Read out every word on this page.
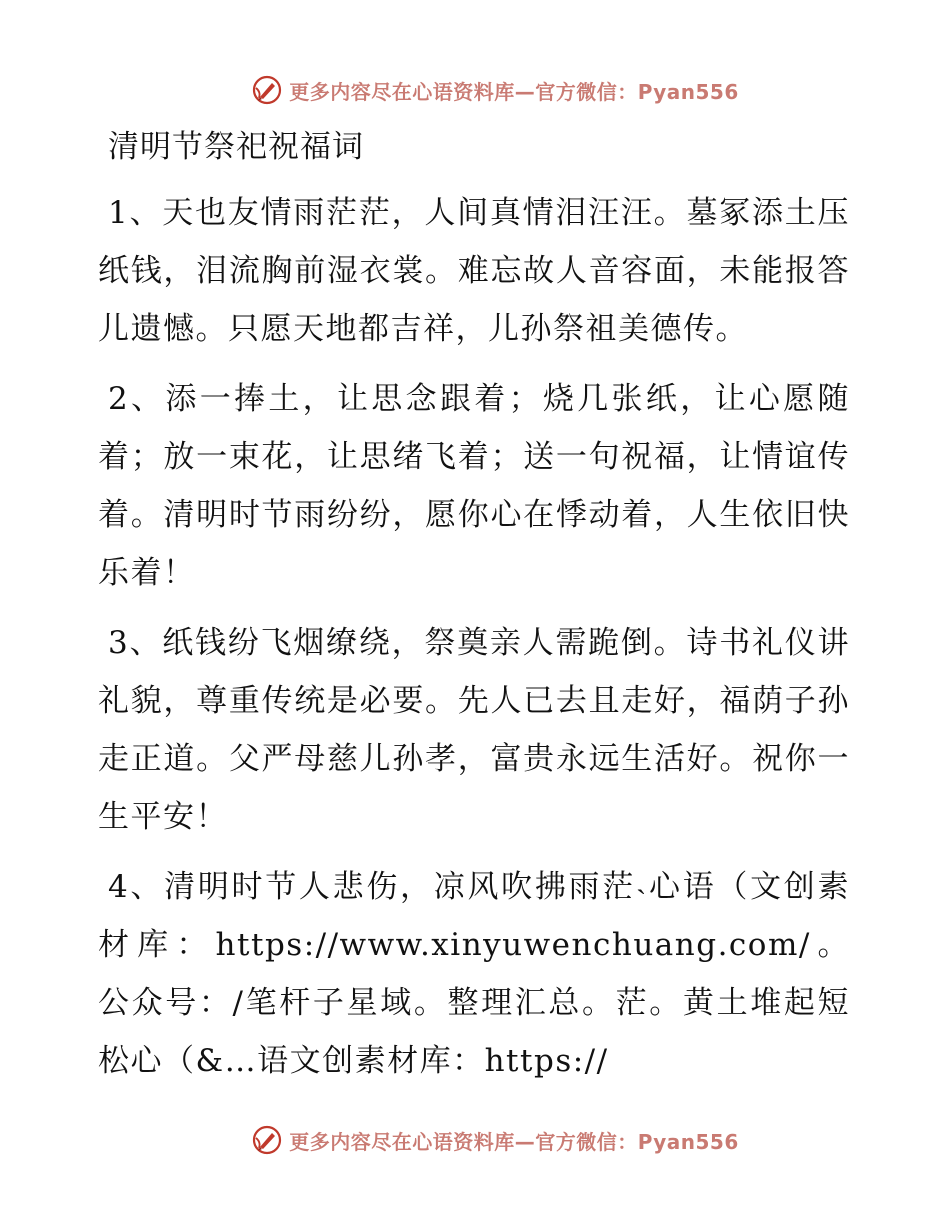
更多内容尽在心语资料库—官方微信：Pyan556
清明节祭祀祝福词

1、天也友情雨茫茫，人间真情泪汪汪。墓冢添土压纸钱，泪流胸前湿衣裳。难忘故人音容面，未能报答儿遗憾。只愿天地都吉祥，儿孙祭祖美德传。

2、添一捧土，让思念跟着；烧几张纸，让心愿随着；放一束花，让思绪飞着；送一句祝福，让情谊传着。清明时节雨纷纷，愿你心在悸动着，人生依旧快乐着！

3、纸钱纷飞烟缭绕，祭奠亲人需跪倒。诗书礼仪讲礼貌，尊重传统是必要。先人已去且走好，福荫子孙走正道。父严母慈儿孙孝，富贵永远生活好。祝你一生平安！

4、清明时节人悲伤，凉风吹拂雨茫˴心语（文创素材库：https://www.xinyuwenchuang.com/。公众号：/笔杆子星域。整理汇总。茫。黄土堆起短松心（&…语文创素材库：https://

更多内容尽在心语资料库—官方微信：Pyan556
